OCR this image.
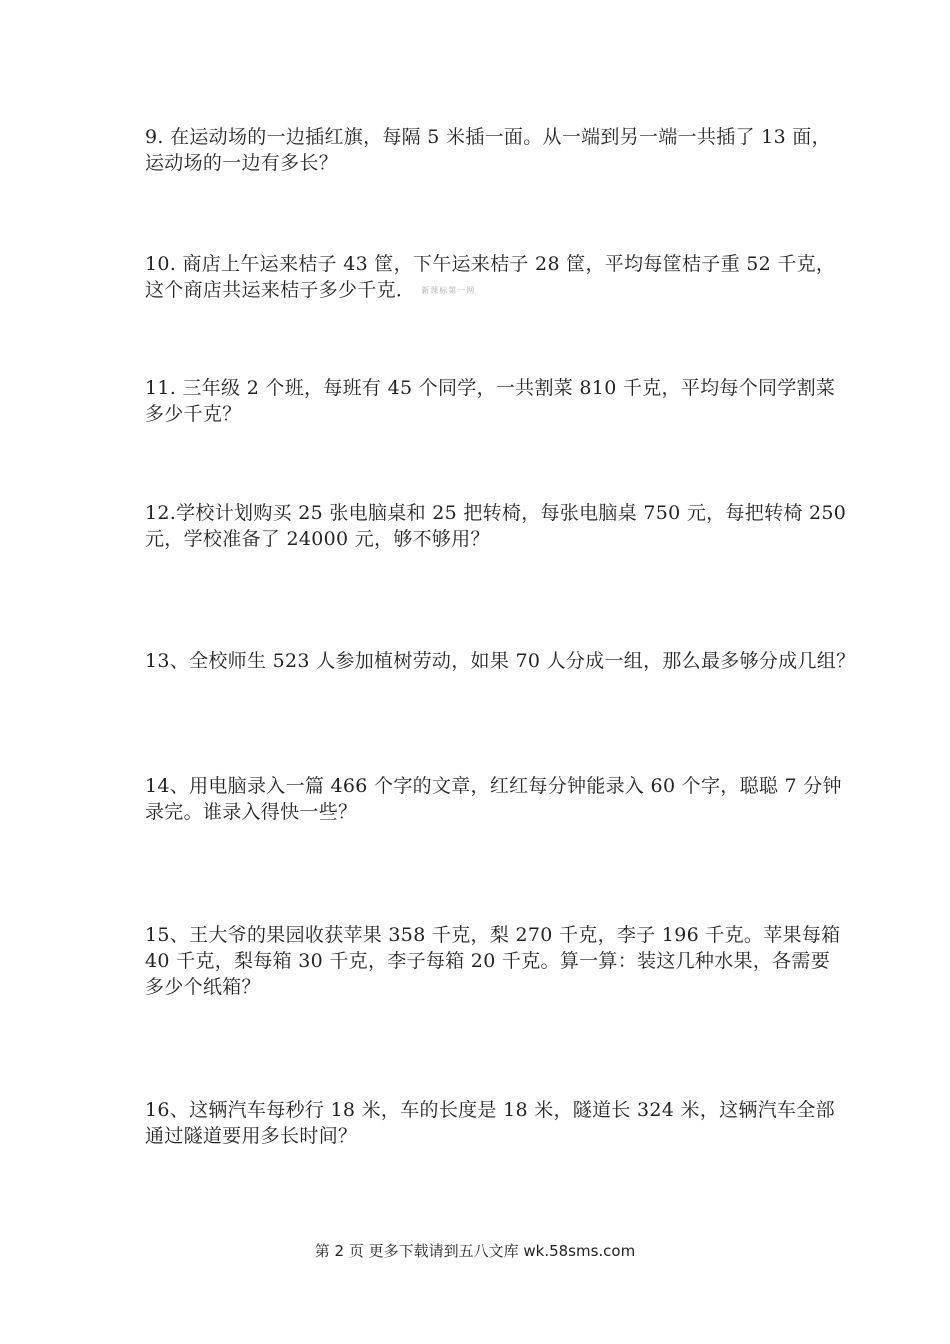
9. 在运动场的一边插红旗，每隔 5 米插一面。从一端到另一端一共插了 13 面，
运动场的一边有多长？
10. 商店上午运来桔子 43 筐，下午运来桔子 28 筐，平均每筐桔子重 52 千克，
这个商店共运来桔子多少千克． 新课标第一网
11. 三年级 2 个班，每班有 45 个同学，一共割菜 810 千克，平均每个同学割菜
多少千克？
12.学校计划购买 25 张电脑桌和 25 把转椅，每张电脑桌 750 元，每把转椅 250
元，学校准备了 24000 元，够不够用？
13、全校师生 523 人参加植树劳动，如果 70 人分成一组，那么最多够分成几组？
14、用电脑录入一篇 466 个字的文章，红红每分钟能录入 60 个字，聪聪 7 分钟
录完。谁录入得快一些？
15、王大爷的果园收获苹果 358 千克，梨 270 千克，李子 196 千克。苹果每箱
40 千克，梨每箱 30 千克，李子每箱 20 千克。算一算：装这几种水果，各需要
多少个纸箱？
16、这辆汽车每秒行 18 米，车的长度是 18 米，隧道长 324 米，这辆汽车全部
通过隧道要用多长时间？
第 2 页 更多下载请到五八文库 wk.58sms.com
